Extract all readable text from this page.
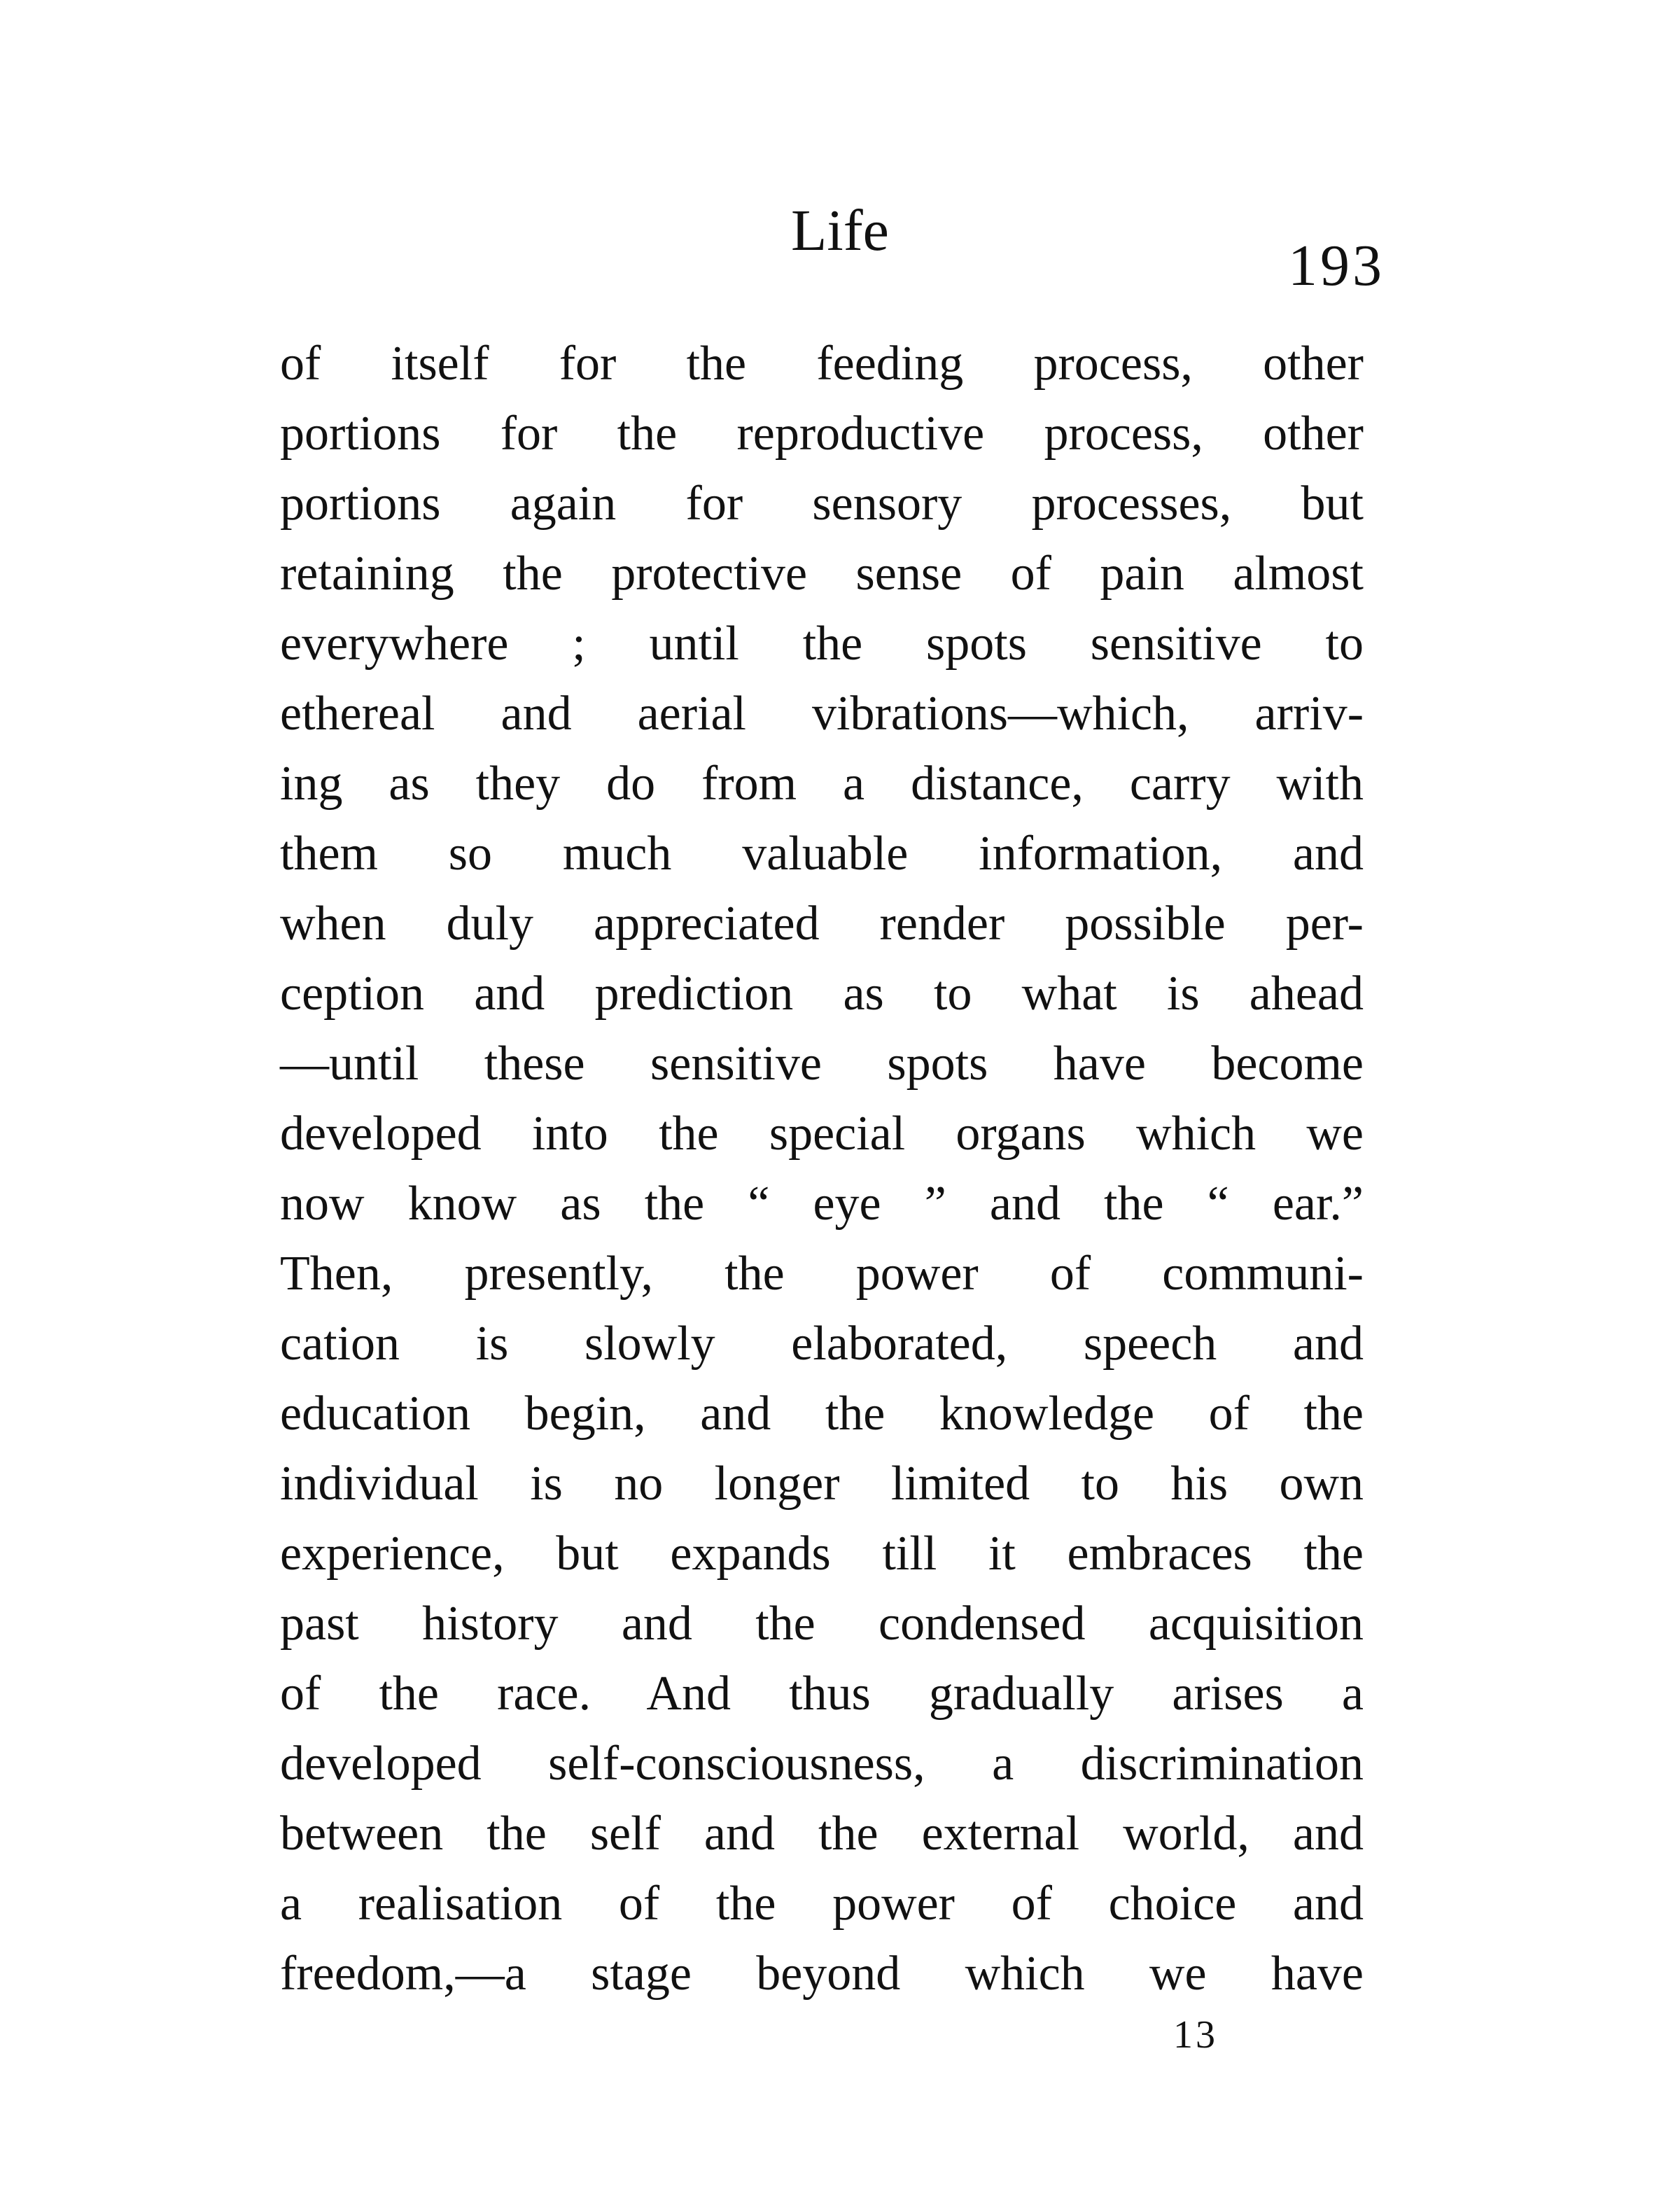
Life
193
of itself for the feeding process, other
portions for the reproductive process, other
portions again for sensory processes, but
retaining the protective sense of pain almost
everywhere ; until the spots sensitive to
ethereal and aerial vibrations—which, arriv-
ing as they do from a distance, carry with
them so much valuable information, and
when duly appreciated render possible per-
ception and prediction as to what is ahead
—until these sensitive spots have become
developed into the special organs which we
now know as the “ eye ” and the “ ear.”
Then, presently, the power of communi-
cation is slowly elaborated, speech and
education begin, and the knowledge of the
individual is no longer limited to his own
experience, but expands till it embraces the
past history and the condensed acquisition
of the race. And thus gradually arises a
developed self-consciousness, a discrimination
between the self and the external world, and
a realisation of the power of choice and
freedom,—a stage beyond which we have
13
